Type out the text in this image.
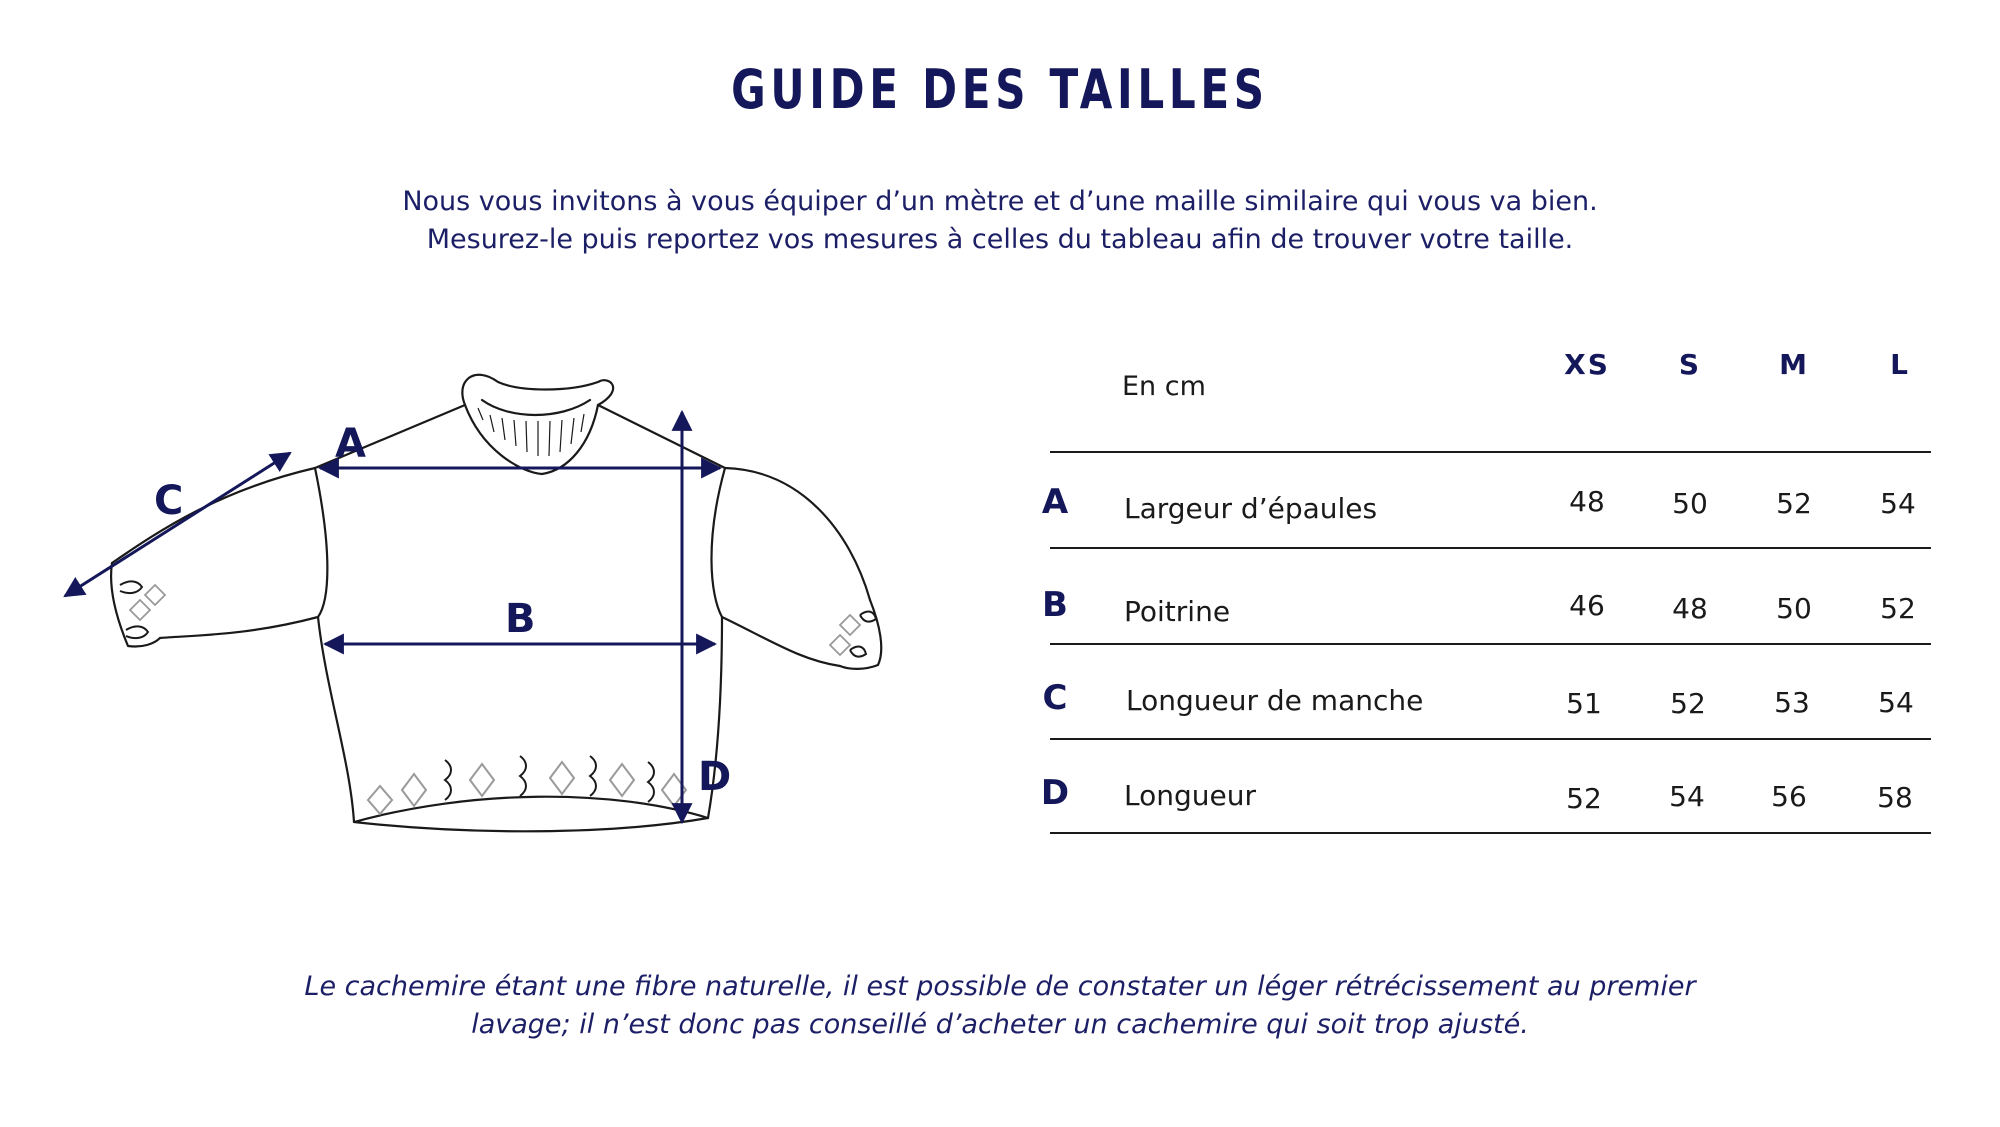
GUIDE DES TAILLES
Nous vous invitons à vous équiper d’un mètre et d’une maille similaire qui vous va bien.
Mesurez-le puis reportez vos mesures à celles du tableau afin de trouver votre taille.
A
B
C
D
En cm
XS	S	M	L
A Largeur d’épaules	48	50	52	54
B Poitrine	46	48	50	52
C Longueur de manche	51	52	53	54
D Longueur	52	54	56	58
Le cachemire étant une fibre naturelle, il est possible de constater un léger rétrécissement au premier
lavage; il n’est donc pas conseillé d’acheter un cachemire qui soit trop ajusté.
